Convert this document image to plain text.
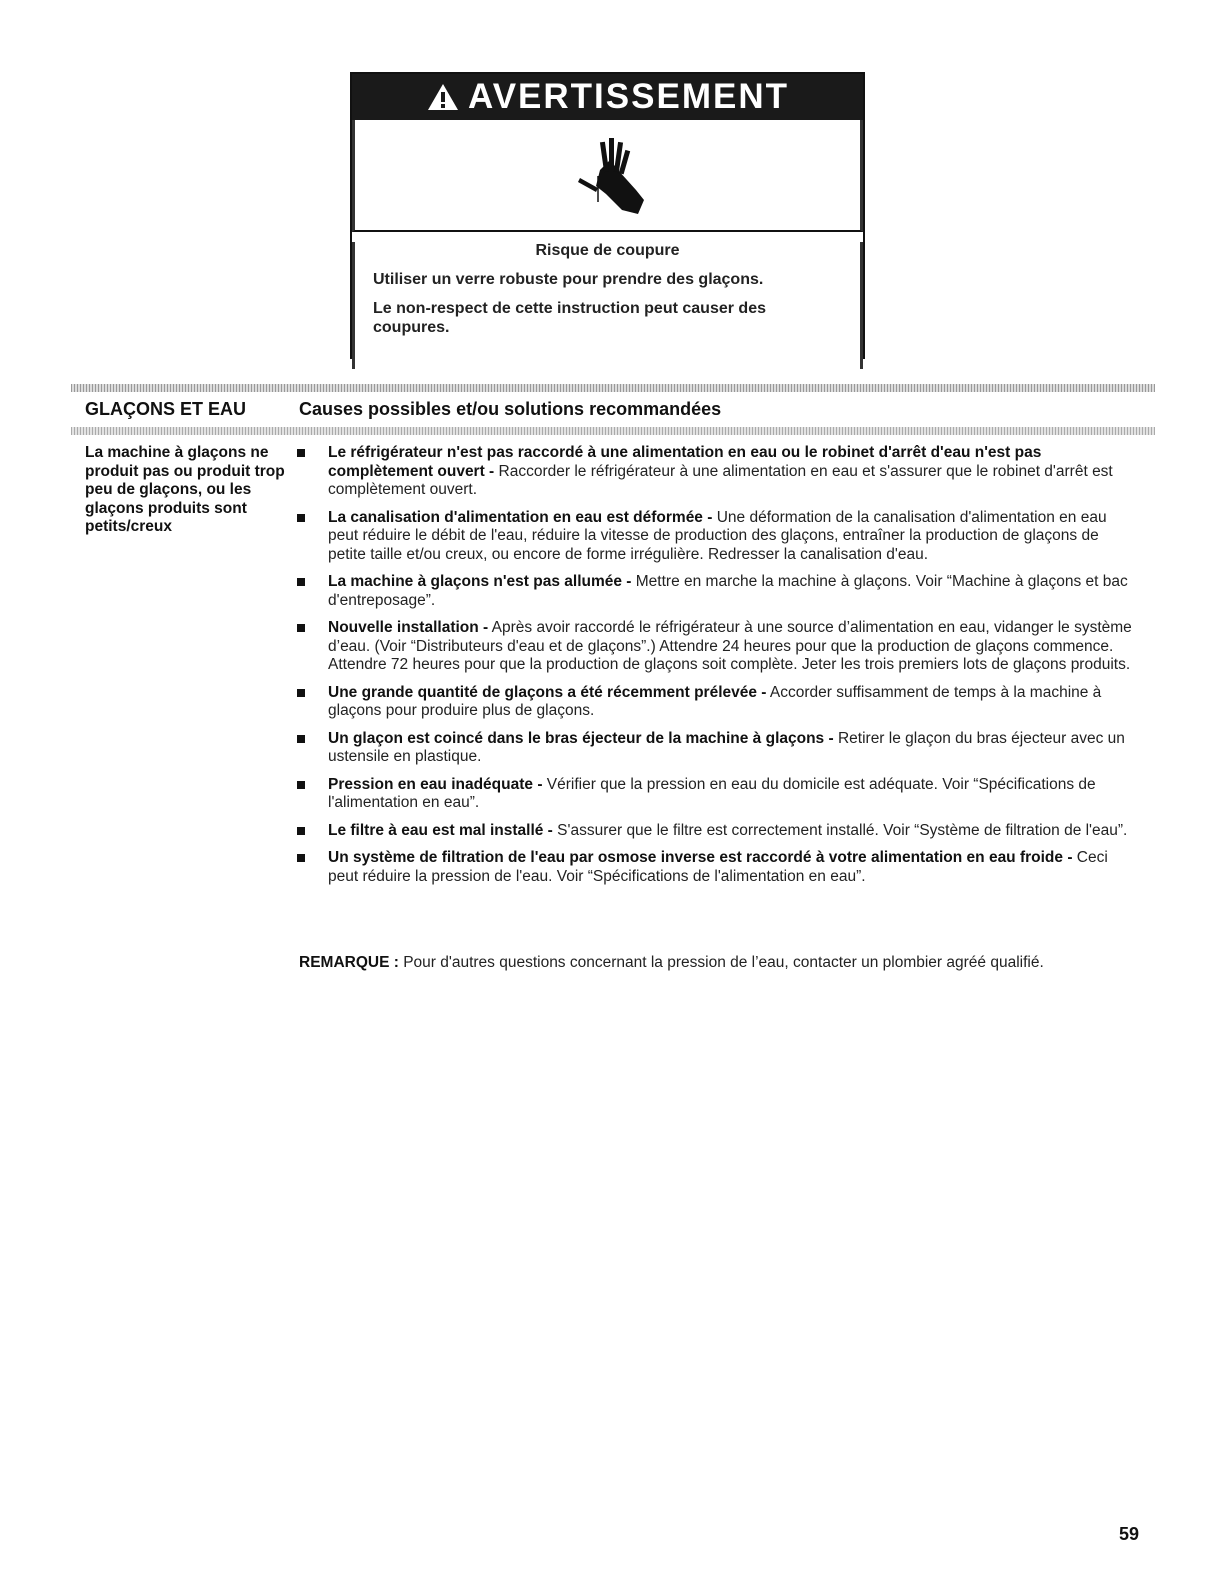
AVERTISSEMENT
Risque de coupure
Utiliser un verre robuste pour prendre des glaçons.
Le non-respect de cette instruction peut causer des coupures.
GLAÇONS ET EAU	Causes possibles et/ou solutions recommandées
La machine à glaçons ne produit pas ou produit trop peu de glaçons, ou les glaçons produits sont petits/creux
Le réfrigérateur n'est pas raccordé à une alimentation en eau ou le robinet d'arrêt d'eau n'est pas complètement ouvert - Raccorder le réfrigérateur à une alimentation en eau et s'assurer que le robinet d'arrêt est complètement ouvert.
La canalisation d'alimentation en eau est déformée - Une déformation de la canalisation d'alimentation en eau peut réduire le débit de l'eau, réduire la vitesse de production des glaçons, entraîner la production de glaçons de petite taille et/ou creux, ou encore de forme irrégulière. Redresser la canalisation d'eau.
La machine à glaçons n'est pas allumée - Mettre en marche la machine à glaçons. Voir “Machine à glaçons et bac d'entreposage”.
Nouvelle installation - Après avoir raccordé le réfrigérateur à une source d’alimentation en eau, vidanger le système d’eau. (Voir “Distributeurs d'eau et de glaçons”.) Attendre 24 heures pour que la production de glaçons commence. Attendre 72 heures pour que la production de glaçons soit complète. Jeter les trois premiers lots de glaçons produits.
Une grande quantité de glaçons a été récemment prélevée - Accorder suffisamment de temps à la machine à glaçons pour produire plus de glaçons.
Un glaçon est coincé dans le bras éjecteur de la machine à glaçons - Retirer le glaçon du bras éjecteur avec un ustensile en plastique.
Pression en eau inadéquate - Vérifier que la pression en eau du domicile est adéquate. Voir “Spécifications de l'alimentation en eau”.
Le filtre à eau est mal installé - S'assurer que le filtre est correctement installé. Voir “Système de filtration de l'eau”.
Un système de filtration de l'eau par osmose inverse est raccordé à votre alimentation en eau froide - Ceci peut réduire la pression de l'eau. Voir “Spécifications de l'alimentation en eau”.
REMARQUE : Pour d'autres questions concernant la pression de l’eau, contacter un plombier agréé qualifié.
59
